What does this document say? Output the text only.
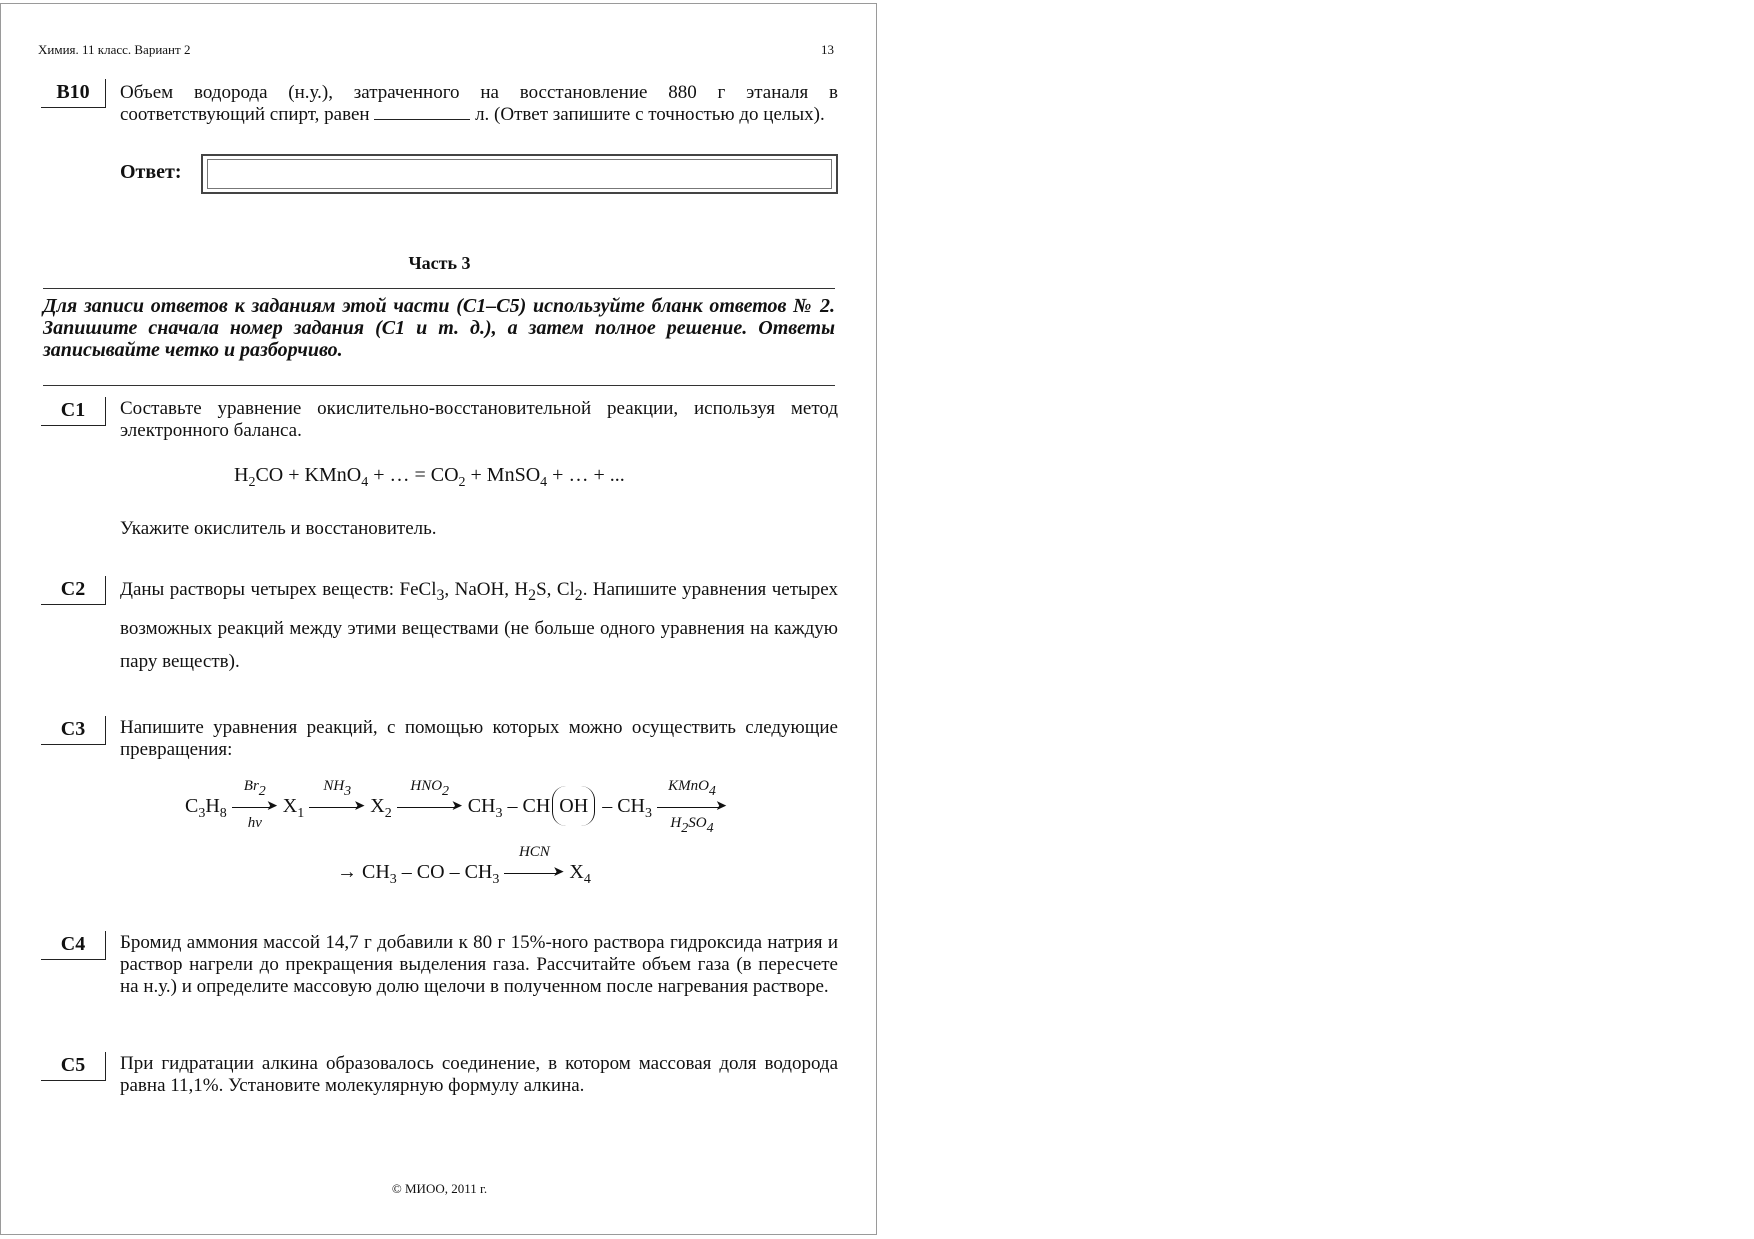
Химия. 11 класс. Вариант 2	13
B10	Объем водорода (н.у.), затраченного на восстановление 880 г этаналя в соответствующий спирт, равен	л. (Ответ запишите с точностью до целых).
Ответ:
Часть 3
Для записи ответов к заданиям этой части (С1–С5) используйте бланк ответов № 2. Запишите сначала номер задания (С1 и т. д.), а затем полное решение. Ответы записывайте четко и разборчиво.
С1	Составьте уравнение окислительно-восстановительной реакции, используя метод электронного баланса.
$H_2CO$ + KMnO$_4$ + … = $CO_2$ + MnSO$_4$ + … + ...
Укажите окислитель и восстановитель.
С2	Даны растворы четырех веществ: FeCl$_3$, NaOH, $H_2S$, $Cl_2$. Напишите уравнения четырех возможных реакций между этими веществами (не больше одного уравнения на каждую пару веществ).
С3	Напишите уравнения реакций, с помощью которых можно осуществить следующие превращения:
$C_3H_8$
$Br_2$
➤
hv
$X_1$
$NH_3$
➤ $X_2$
$HNO_2$
➤ $CH_3$ – CH OH – $CH_3$
KMnO$_4$
➤
$H_2SO_4$
→ $CH_3$ – CO – $CH_3$
HCN
➤ $X_4$
С4	Бромид аммония массой 14,7 г добавили к 80 г 15%-ного раствора гидроксида натрия и раствор нагрели до прекращения выделения газа. Рассчитайте объем газа (в пересчете на н.у.) и определите массовую долю щелочи в полученном после нагревания растворе.
С5	При гидратации алкина образовалось соединение, в котором массовая доля водорода равна 11,1%. Установите молекулярную формулу алкина.
© МИОО, 2011 г.
